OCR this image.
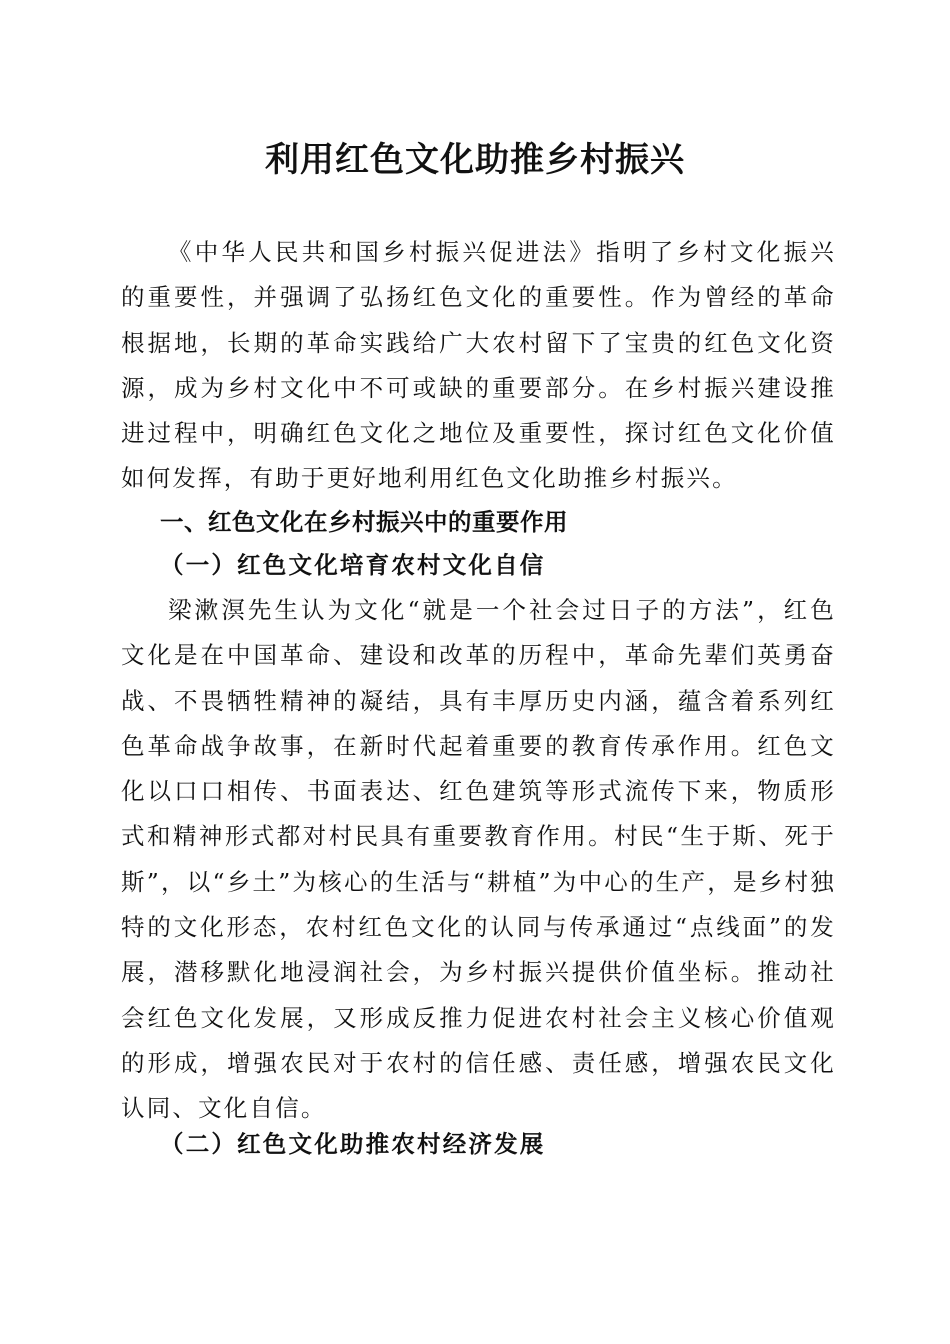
利用红色文化助推乡村振兴

《中华人民共和国乡村振兴促进法》指明了乡村文化振兴的重要性，并强调了弘扬红色文化的重要性。作为曾经的革命根据地，长期的革命实践给广大农村留下了宝贵的红色文化资源，成为乡村文化中不可或缺的重要部分。在乡村振兴建设推进过程中，明确红色文化之地位及重要性，探讨红色文化价值如何发挥，有助于更好地利用红色文化助推乡村振兴。

一、红色文化在乡村振兴中的重要作用
（一）红色文化培育农村文化自信

梁漱溟先生认为文化“就是一个社会过日子的方法”，红色文化是在中国革命、建设和改革的历程中，革命先辈们英勇奋战、不畏牺牲精神的凝结，具有丰厚历史内涵，蕴含着系列红色革命战争故事，在新时代起着重要的教育传承作用。红色文化以口口相传、书面表达、红色建筑等形式流传下来，物质形式和精神形式都对村民具有重要教育作用。村民“生于斯、死于斯”，以“乡土”为核心的生活与“耕植”为中心的生产，是乡村独特的文化形态，农村红色文化的认同与传承通过“点线面”的发展，潜移默化地浸润社会，为乡村振兴提供价值坐标。推动社会红色文化发展，又形成反推力促进农村社会主义核心价值观的形成，增强农民对于农村的信任感、责任感，增强农民文化认同、文化自信。

（二）红色文化助推农村经济发展
